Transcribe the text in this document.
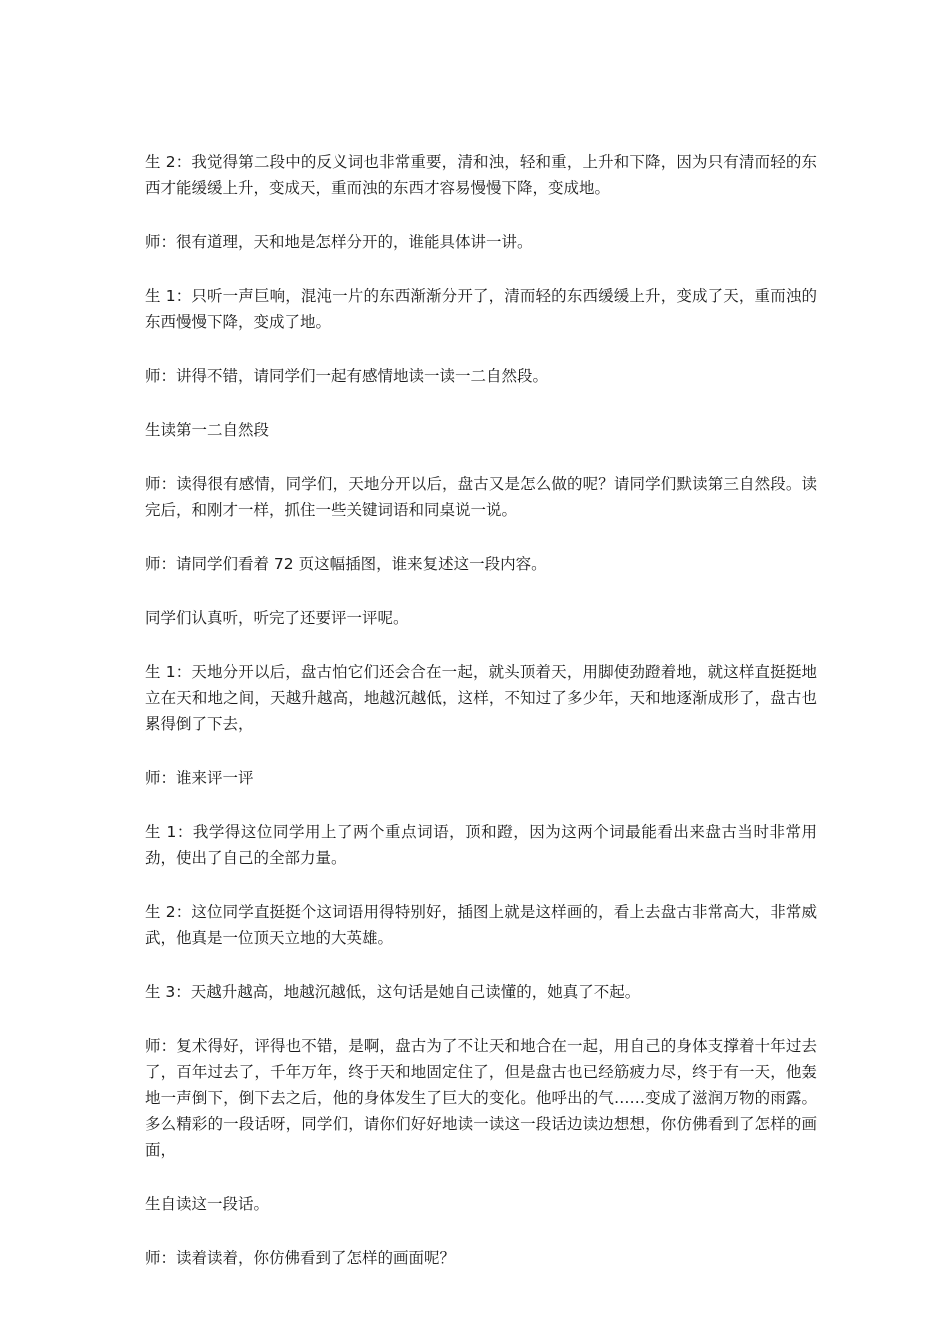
生 2：我觉得第二段中的反义词也非常重要，清和浊，轻和重，上升和下降，因为只有清而轻的东西才能缓缓上升，变成天，重而浊的东西才容易慢慢下降，变成地。

师：很有道理，天和地是怎样分开的，谁能具体讲一讲。

生 1：只听一声巨响，混沌一片的东西渐渐分开了，清而轻的东西缓缓上升，变成了天，重而浊的东西慢慢下降，变成了地。

师：讲得不错，请同学们一起有感情地读一读一二自然段。

生读第一二自然段

师：读得很有感情，同学们，天地分开以后，盘古又是怎么做的呢？请同学们默读第三自然段。读完后，和刚才一样，抓住一些关键词语和同桌说一说。

师：请同学们看着 72 页这幅插图，谁来复述这一段内容。

同学们认真听，听完了还要评一评呢。

生 1：天地分开以后，盘古怕它们还会合在一起，就头顶着天，用脚使劲蹬着地，就这样直挺挺地立在天和地之间，天越升越高，地越沉越低，这样，不知过了多少年，天和地逐渐成形了，盘古也累得倒了下去，

师：谁来评一评

生 1：我学得这位同学用上了两个重点词语，顶和蹬，因为这两个词最能看出来盘古当时非常用劲，使出了自己的全部力量。

生 2：这位同学直挺挺个这词语用得特别好，插图上就是这样画的，看上去盘古非常高大，非常威武，他真是一位顶天立地的大英雄。

生 3：天越升越高，地越沉越低，这句话是她自己读懂的，她真了不起。

师：复术得好，评得也不错，是啊，盘古为了不让天和地合在一起，用自己的身体支撑着十年过去了，百年过去了，千年万年，终于天和地固定住了，但是盘古也已经筋疲力尽，终于有一天，他轰地一声倒下，倒下去之后，他的身体发生了巨大的变化。他呼出的气……变成了滋润万物的雨露。多么精彩的一段话呀，同学们，请你们好好地读一读这一段话边读边想想，你仿佛看到了怎样的画面，

生自读这一段话。

师：读着读着，你仿佛看到了怎样的画面呢？
